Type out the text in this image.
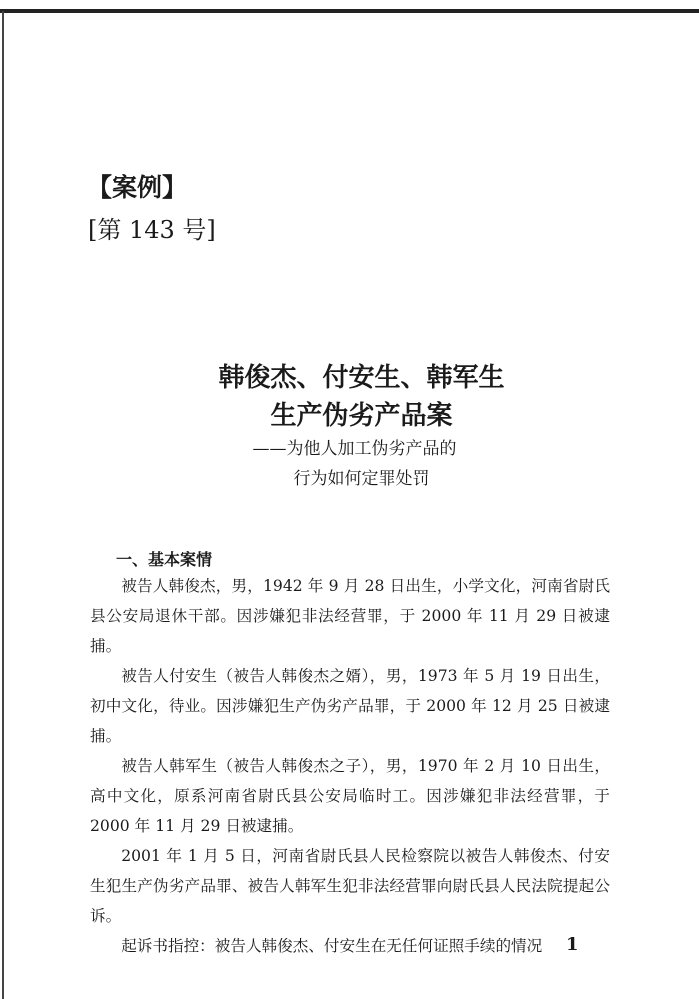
【案例】
[第 143 号]
韩俊杰、付安生、韩军生
生产伪劣产品案
——为他人加工伪劣产品的
行为如何定罪处罚
一、基本案情

被告人韩俊杰，男，1942 年 9 月 28 日出生，小学文化，河南省尉氏县公安局退休干部。因涉嫌犯非法经营罪，于 2000 年 11 月 29 日被逮捕。

被告人付安生（被告人韩俊杰之婿），男，1973 年 5 月 19 日出生，初中文化，待业。因涉嫌犯生产伪劣产品罪，于 2000 年 12 月 25 日被逮捕。

被告人韩军生（被告人韩俊杰之子），男，1970 年 2 月 10 日出生，高中文化，原系河南省尉氏县公安局临时工。因涉嫌犯非法经营罪，于 2000 年 11 月 29 日被逮捕。

2001 年 1 月 5 日，河南省尉氏县人民检察院以被告人韩俊杰、付安生犯生产伪劣产品罪、被告人韩军生犯非法经营罪向尉氏县人民法院提起公诉。

起诉书指控：被告人韩俊杰、付安生在无任何证照手续的情况	1
